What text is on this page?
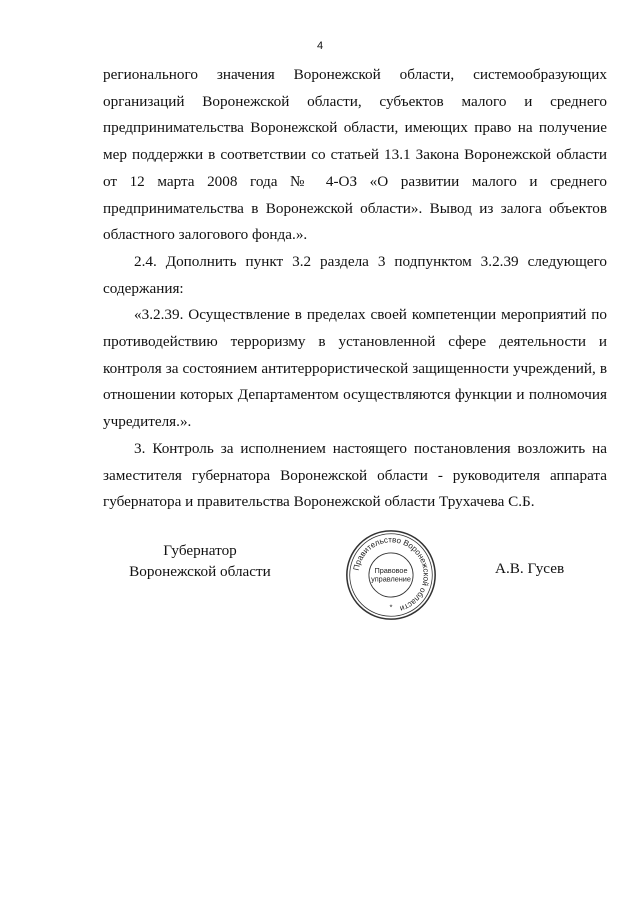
4

регионального значения Воронежской области, системообразующих организаций Воронежской области, субъектов малого и среднего предпринимательства Воронежской области, имеющих право на получение мер поддержки в соответствии со статьей 13.1 Закона Воронежской области от 12 марта 2008 года № 4-ОЗ «О развитии малого и среднего предпринимательства в Воронежской области». Вывод из залога объектов областного залогового фонда.».

2.4. Дополнить пункт 3.2 раздела 3 подпунктом 3.2.39 следующего содержания:

«3.2.39. Осуществление в пределах своей компетенции мероприятий по противодействию терроризму в установленной сфере деятельности и контроля за состоянием антитеррористической защищенности учреждений, в отношении которых Департаментом осуществляются функции и полномочия учредителя.».

3. Контроль за исполнением настоящего постановления возложить на заместителя губернатора Воронежской области - руководителя аппарата губернатора и правительства Воронежской области Трухачева С.Б.

Губернатор
Воронежской области	А.В. Гусев
Правительство Воронежской области
Правовое
управление
*
